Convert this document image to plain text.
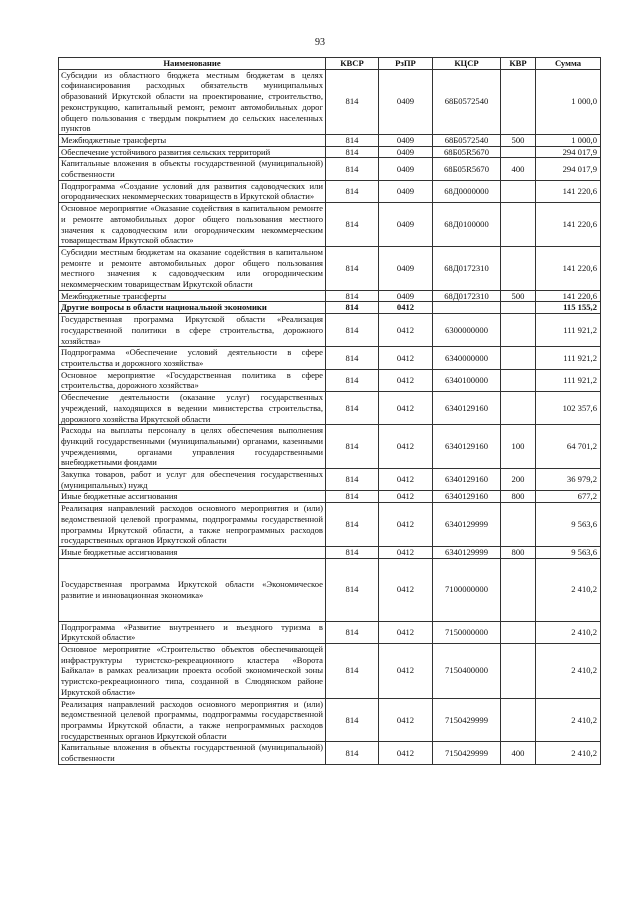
93
Наименование	КВСР	РзПР	КЦСР	КВР	Сумма
Субсидии из областного бюджета местным бюджетам в целях софинансирования расходных обязательств муниципальных образований Иркутской области на проектирование, строительство, реконструкцию, капитальный ремонт, ремонт автомобильных дорог общего пользования с твердым покрытием до сельских населенных пунктов	814	0409	68Б0572540		1 000,0
Межбюджетные трансферты	814	0409	68Б0572540	500	1 000,0
Обеспечение устойчивого развития сельских территорий	814	0409	68Б05R5670		294 017,9
Капитальные вложения в объекты государственной (муниципальной) собственности	814	0409	68Б05R5670	400	294 017,9
Подпрограмма «Создание условий для развития садоводческих или огороднических некоммерческих товариществ в Иркутской области»	814	0409	68Д0000000		141 220,6
Основное мероприятие «Оказание содействия в капитальном ремонте и ремонте автомобильных дорог общего пользования местного значения к садоводческим или огородническим некоммерческим товариществам Иркутской области»	814	0409	68Д0100000		141 220,6
Субсидии местным бюджетам на оказание содействия в капитальном ремонте и ремонте автомобильных дорог общего пользования местного значения к садоводческим или огородническим некоммерческим товариществам Иркутской области	814	0409	68Д0172310		141 220,6
Межбюджетные трансферты	814	0409	68Д0172310	500	141 220,6
Другие вопросы в области национальной экономики	814	0412			115 155,2
Государственная программа Иркутской области «Реализация государственной политики в сфере строительства, дорожного хозяйства»	814	0412	6300000000		111 921,2
Подпрограмма «Обеспечение условий деятельности в сфере строительства и дорожного хозяйства»	814	0412	6340000000		111 921,2
Основное мероприятие «Государственная политика в сфере строительства, дорожного хозяйства»	814	0412	6340100000		111 921,2
Обеспечение деятельности (оказание услуг) государственных учреждений, находящихся в ведении министерства строительства, дорожного хозяйства Иркутской области	814	0412	6340129160		102 357,6
Расходы на выплаты персоналу в целях обеспечения выполнения функций государственными (муниципальными) органами, казенными учреждениями, органами управления государственными внебюджетными фондами	814	0412	6340129160	100	64 701,2
Закупка товаров, работ и услуг для обеспечения государственных (муниципальных) нужд	814	0412	6340129160	200	36 979,2
Иные бюджетные ассигнования	814	0412	6340129160	800	677,2
Реализация направлений расходов основного мероприятия и (или) ведомственной целевой программы, подпрограммы государственной программы Иркутской области, а также непрограммных расходов государственных органов Иркутской области	814	0412	6340129999		9 563,6
Иные бюджетные ассигнования	814	0412	6340129999	800	9 563,6
Государственная программа Иркутской области «Экономическое развитие и инновационная экономика»	814	0412	7100000000		2 410,2
Подпрограмма «Развитие внутреннего и въездного туризма в Иркутской области»	814	0412	7150000000		2 410,2
Основное мероприятие «Строительство объектов обеспечивающей инфраструктуры туристско-рекреационного кластера «Ворота Байкала» в рамках реализации проекта особой экономической зоны туристско-рекреационного типа, созданной в Слюдянском районе Иркутской области»	814	0412	7150400000		2 410,2
Реализация направлений расходов основного мероприятия и (или) ведомственной целевой программы, подпрограммы государственной программы Иркутской области, а также непрограммных расходов государственных органов Иркутской области	814	0412	7150429999		2 410,2
Капитальные вложения в объекты государственной (муниципальной) собственности	814	0412	7150429999	400	2 410,2
